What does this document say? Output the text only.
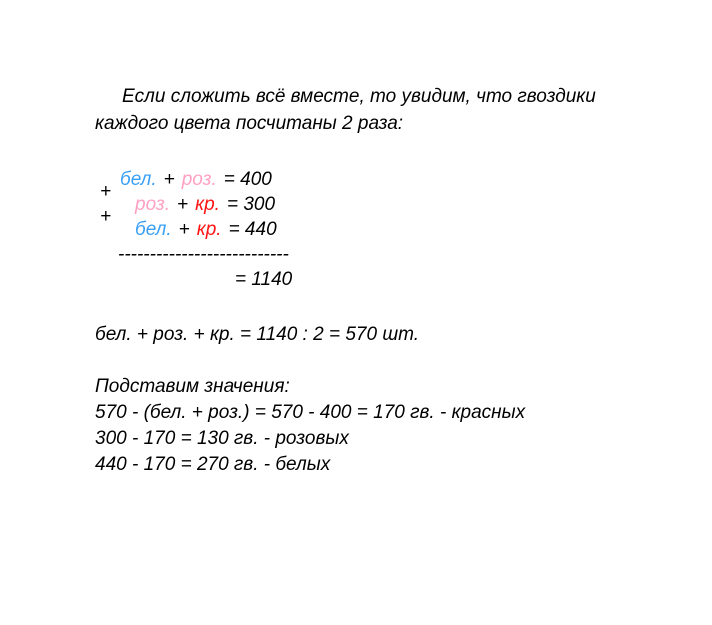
Если сложить всё вместе, то увидим, что гвоздики
каждого цвета посчитаны 2 раза:

+
+
бел. + роз. = 400
роз. + кр. = 300
бел. + кр. = 440
---------------------------
= 1140
бел. + роз. + кр. = 1140 : 2 = 570 шт.
Подставим значения:
570 - (бел. + роз.) = 570 - 400 = 170 гв. - красных
300 - 170 = 130 гв. - розовых
440 - 170 = 270 гв. - белых
